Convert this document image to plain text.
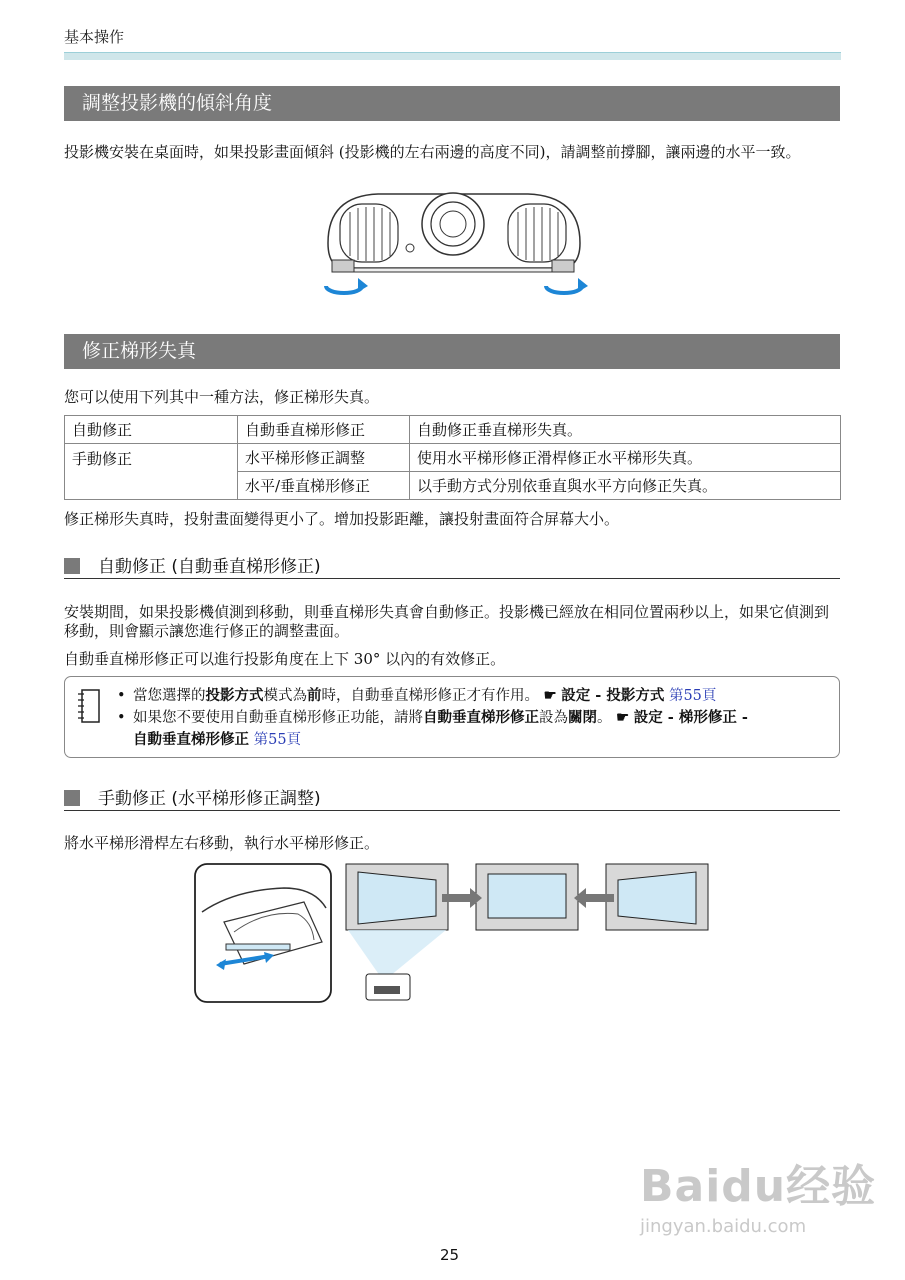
基本操作
調整投影機的傾斜角度
投影機安裝在桌面時，如果投影畫面傾斜 (投影機的左右兩邊的高度不同)，請調整前撐腳，讓兩邊的水平一致。
修正梯形失真
您可以使用下列其中一種方法，修正梯形失真。
自動修正	自動垂直梯形修正	自動修正垂直梯形失真。
手動修正	水平梯形修正調整	使用水平梯形修正滑桿修正水平梯形失真。
	水平/垂直梯形修正	以手動方式分別依垂直與水平方向修正失真。
修正梯形失真時，投射畫面變得更小了。增加投影距離，讓投射畫面符合屏幕大小。
自動修正 (自動垂直梯形修正)
安裝期間，如果投影機偵測到移動，則垂直梯形失真會自動修正。投影機已經放在相同位置兩秒以上，如果它偵測到移動，則會顯示讓您進行修正的調整畫面。
自動垂直梯形修正可以進行投影角度在上下 30° 以內的有效修正。
• 當您選擇的投影方式模式為前時，自動垂直梯形修正才有作用。 ☛ 設定 - 投影方式 第55頁
• 如果您不要使用自動垂直梯形修正功能，請將自動垂直梯形修正設為關閉。 ☛ 設定 - 梯形修正 -
自動垂直梯形修正 第55頁
手動修正 (水平梯形修正調整)
將水平梯形滑桿左右移動，執行水平梯形修正。
Baidu经验
jingyan.baidu.com
25
